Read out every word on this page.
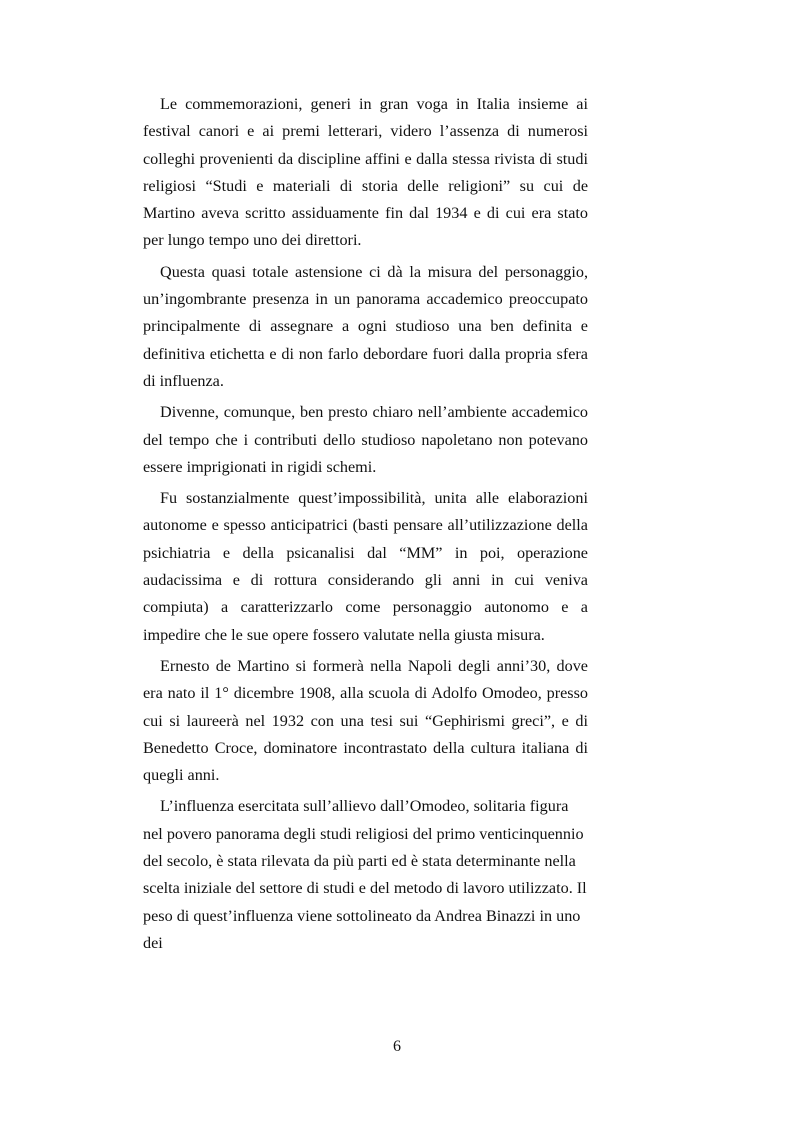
Le commemorazioni, generi in gran voga in Italia insieme ai festival canori e ai premi letterari, videro l’assenza di numerosi colleghi provenienti da discipline affini e dalla stessa rivista di studi religiosi “Studi e materiali di storia delle religioni” su cui de Martino aveva scritto assiduamente fin dal 1934 e di cui era stato per lungo tempo uno dei direttori.

Questa quasi totale astensione ci dà la misura del personaggio, un’ingombrante presenza in un panorama accademico preoccupato principalmente di assegnare a ogni studioso una ben definita e definitiva etichetta e di non farlo debordare fuori dalla propria sfera di influenza.

Divenne, comunque, ben presto chiaro nell’ambiente accademico del tempo che i contributi dello studioso napoletano non potevano essere imprigionati in rigidi schemi.

Fu sostanzialmente quest’impossibilità, unita alle elaborazioni autonome e spesso anticipatrici (basti pensare all’utilizzazione della psichiatria e della psicanalisi dal “MM” in poi, operazione audacissima e di rottura considerando gli anni in cui veniva compiuta) a caratterizzarlo come personaggio autonomo e a impedire che le sue opere fossero valutate nella giusta misura.

Ernesto de Martino si formerà nella Napoli degli anni’30, dove era nato il 1° dicembre 1908, alla scuola di Adolfo Omodeo, presso cui si laureerà nel 1932 con una tesi sui “Gephirismi greci”, e di Benedetto Croce, dominatore incontrastato della cultura italiana di quegli anni.

L’influenza esercitata sull’allievo dall’Omodeo, solitaria figura nel povero panorama degli studi religiosi del primo venticinquennio del secolo, è stata rilevata da più parti ed è stata determinante nella scelta iniziale del settore di studi e del metodo di lavoro utilizzato. Il peso di quest’influenza viene sottolineato da Andrea Binazzi in uno dei

6
